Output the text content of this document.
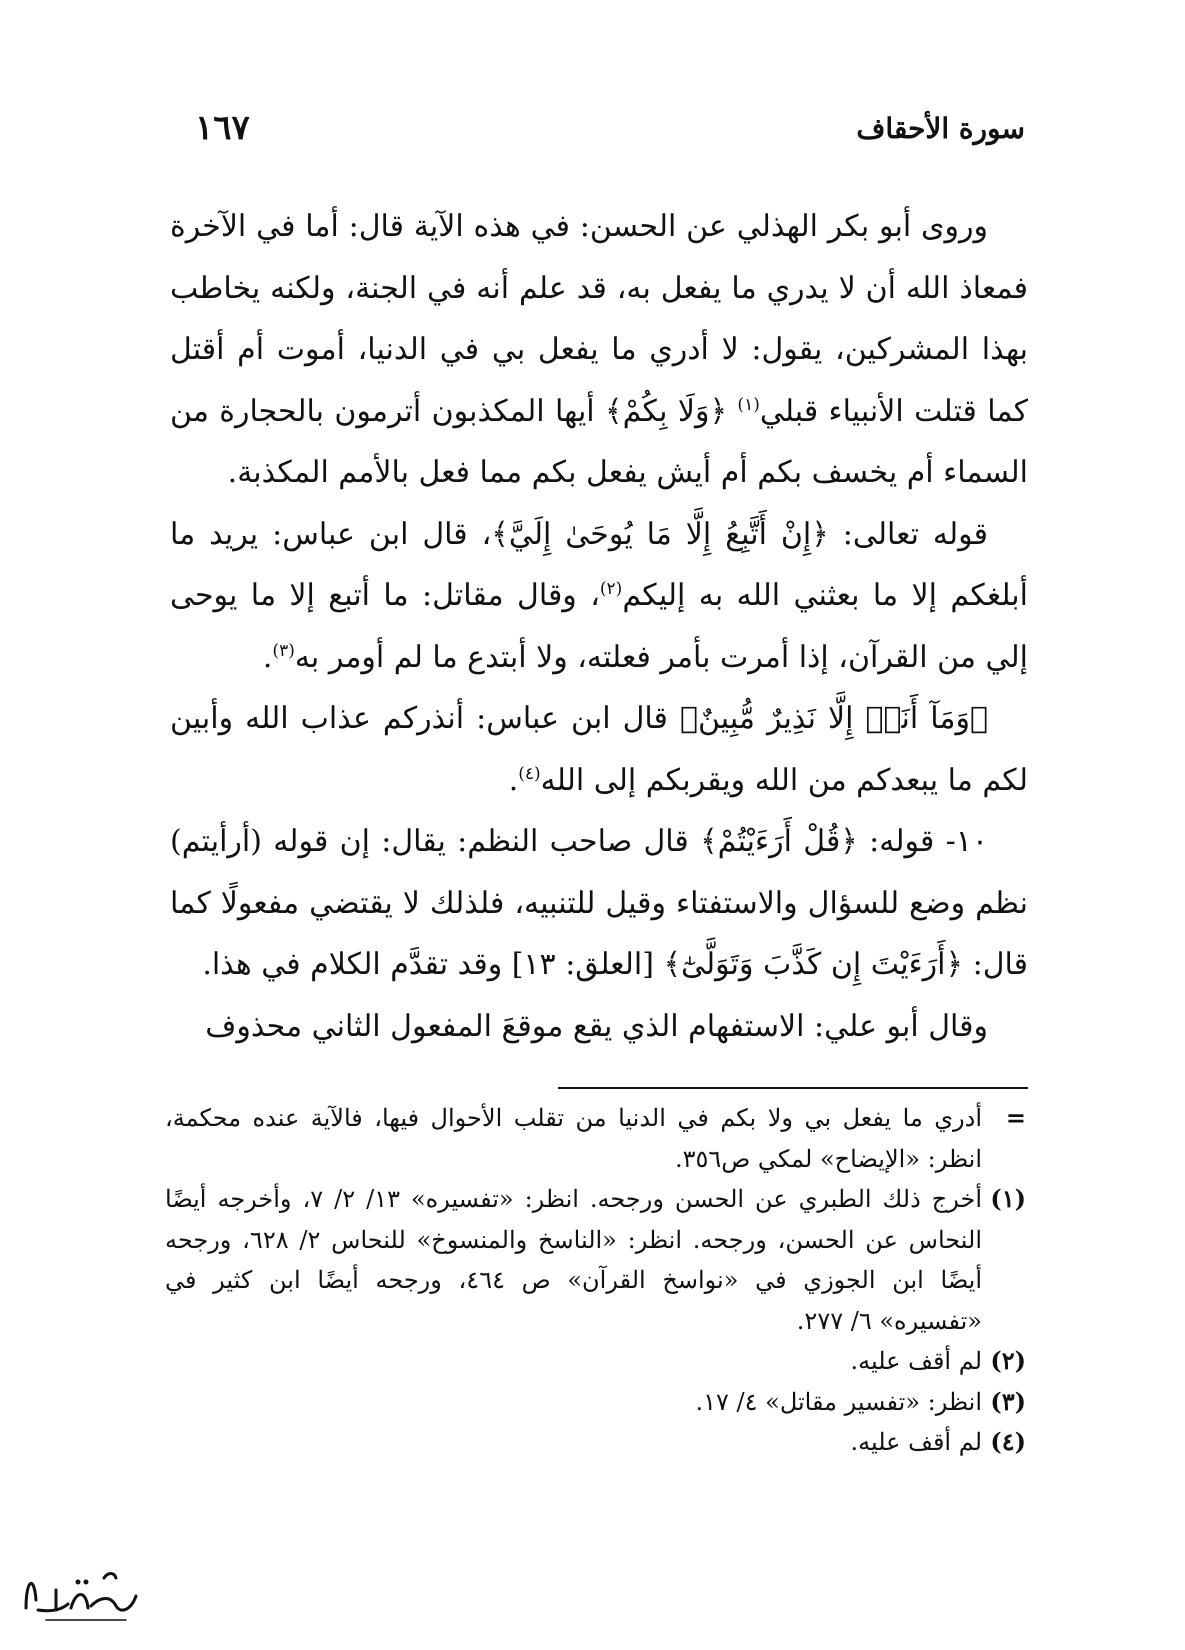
سورة الأحقاف
١٦٧

وروى أبو بكر الهذلي عن الحسن: في هذه الآية قال: أما في الآخرة فمعاذ الله أن لا يدري ما يفعل به، قد علم أنه في الجنة، ولكنه يخاطب بهذا المشركين، يقول: لا أدري ما يفعل بي في الدنيا، أموت أم أقتل كما قتلت الأنبياء قبلي$^{(١)}$ ﴿وَلَا بِكُمْ﴾ أيها المكذبون أترمون بالحجارة من السماء أم يخسف بكم أم أيش يفعل بكم مما فعل بالأمم المكذبة.

قوله تعالى: ﴿إِنْ أَتَّبِعُ إِلَّا مَا يُوحَىٰ إِلَيَّ﴾، قال ابن عباس: يريد ما أبلغكم إلا ما بعثني الله به إليكم$^{(٢)}$، وقال مقاتل: ما أتبع إلا ما يوحى إلي من القرآن، إذا أمرت بأمر فعلته، ولا أبتدع ما لم أومر به$^{(٣)}$.

﴿وَمَآ أَنَا۠ إِلَّا نَذِيرٌ مُّبِينٌ﴾ قال ابن عباس: أنذركم عذاب الله وأبين لكم ما يبعدكم من الله ويقربكم إلى الله$^{(٤)}$.

١٠- قوله: ﴿قُلْ أَرَءَيْتُمْ﴾ قال صاحب النظم: يقال: إن قوله (أرأيتم) نظم وضع للسؤال والاستفتاء وقيل للتنبيه، فلذلك لا يقتضي مفعولًا كما قال: ﴿أَرَءَيْتَ إِن كَذَّبَ وَتَوَلَّىٰٓ﴾ [العلق: ١٣] وقد تقدَّم الكلام في هذا.

وقال أبو علي: الاستفهام الذي يقع موقعَ المفعول الثاني محذوف

=
أدري ما يفعل بي ولا بكم في الدنيا من تقلب الأحوال فيها، فالآية عنده محكمة، انظر: «الإيضاح» لمكي ص٣٥٦.
(١)
أخرج ذلك الطبري عن الحسن ورجحه. انظر: «تفسيره» ١٣/ ٢/ ٧، وأخرجه أيضًا النحاس عن الحسن، ورجحه. انظر: «الناسخ والمنسوخ» للنحاس ٢/ ٦٢٨، ورجحه أيضًا ابن الجوزي في «نواسخ القرآن» ص ٤٦٤، ورجحه أيضًا ابن كثير في «تفسيره» ٦/ ٢٧٧.
(٢)
لم أقف عليه.
(٣)
انظر: «تفسير مقاتل» ٤/ ١٧.
(٤)
لم أقف عليه.
